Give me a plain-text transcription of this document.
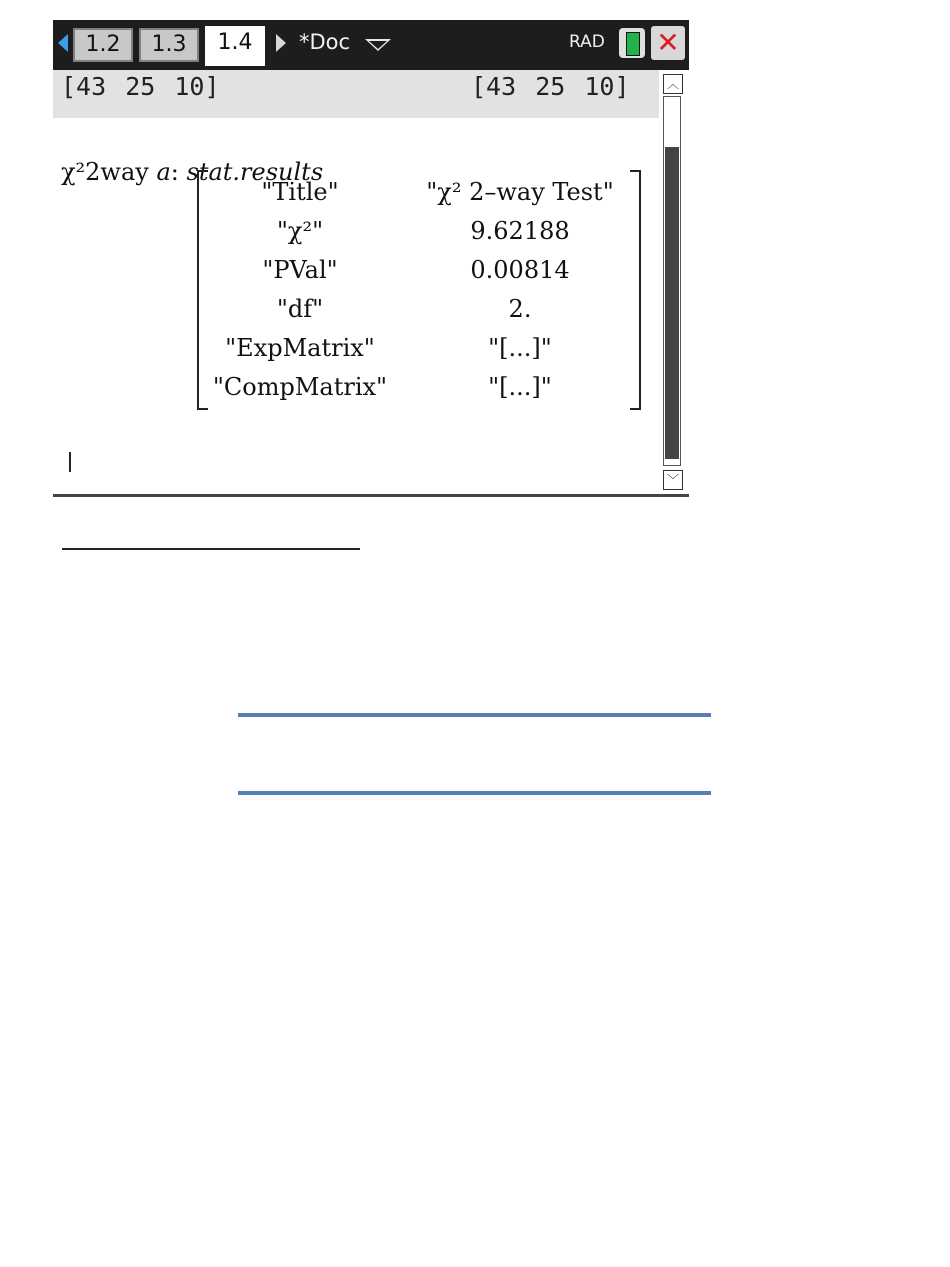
1.2	1.3	1.4	*Doc	RAD ✕
[43 25 10]	[43 25 10]
χ²2way a: stat.results
"Title"	"χ² 2–way Test"
"χ²"	9.62188
"PVal"	0.00814
"df"	2.
"ExpMatrix"	"[...]"
"CompMatrix"	"[...]"
︿
﹀
